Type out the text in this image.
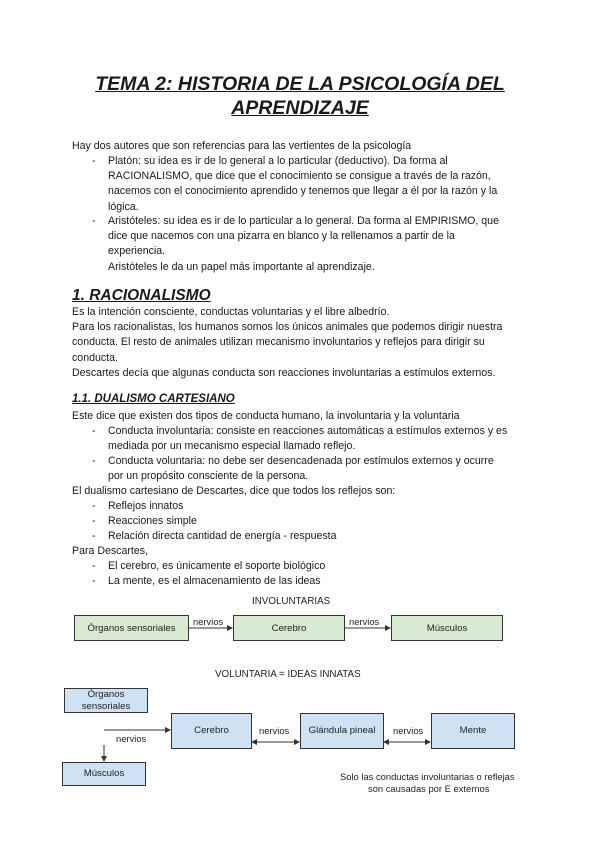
TEMA 2: HISTORIA DE LA PSICOLOGÍA DEL
APRENDIZAJE
Hay dos autores que son referencias para las vertientes de la psicología
- Platón: su idea es ir de lo general a lo particular (deductivo). Da forma al
RACIONALISMO, que dice que el conocimiento se consigue a través de la razón,
nacemos con el conocimiento aprendido y tenemos que llegar a él por la razón y la
lógica.
- Aristóteles: su idea es ir de lo particular a lo general. Da forma al EMPIRISMO, que
dice que nacemos con una pizarra en blanco y la rellenamos a partir de la
experiencia.
Aristóteles le da un papel más importante al aprendizaje.
1. RACIONALISMO
Es la intención consciente, conductas voluntarias y el libre albedrío.
Para los racionalistas, los humanos somos los únicos animales que podemos dirigir nuestra
conducta. El resto de animales utilizan mecanismo involuntarios y reflejos para dirigir su
conducta.
Descartes decía que algunas conducta son reacciones involuntarias a estímulos externos.
1.1. DUALISMO CARTESIANO
Este dice que existen dos tipos de conducta humano, la involuntaria y la voluntaria
- Conducta involuntaria: consiste en reacciones automáticas a estímulos externos y es
mediada por un mecanismo especial llamado reflejo.
- Conducta voluntaria: no debe ser desencadenada por estímulos externos y ocurre
por un propósito consciente de la persona.
El dualismo cartesiano de Descartes, dice que todos los reflejos son:
- Reflejos innatos
- Reacciones simple
- Relación directa cantidad de energía - respuesta
Para Descartes,
- El cerebro, es únicamente el soporte biológico
- La mente, es el almacenamiento de las ideas
INVOLUNTARIAS
Órganos sensoriales
nervios
Cerebro
nervios
Músculos
VOLUNTARIA = IDEAS INNATAS
Órganos sensoriales
nervios
Cerebro	nervios	Glándula pineal	nervios	Mente
Músculos	Solo las conductas involuntarias o reflejas
son causadas por E externos
